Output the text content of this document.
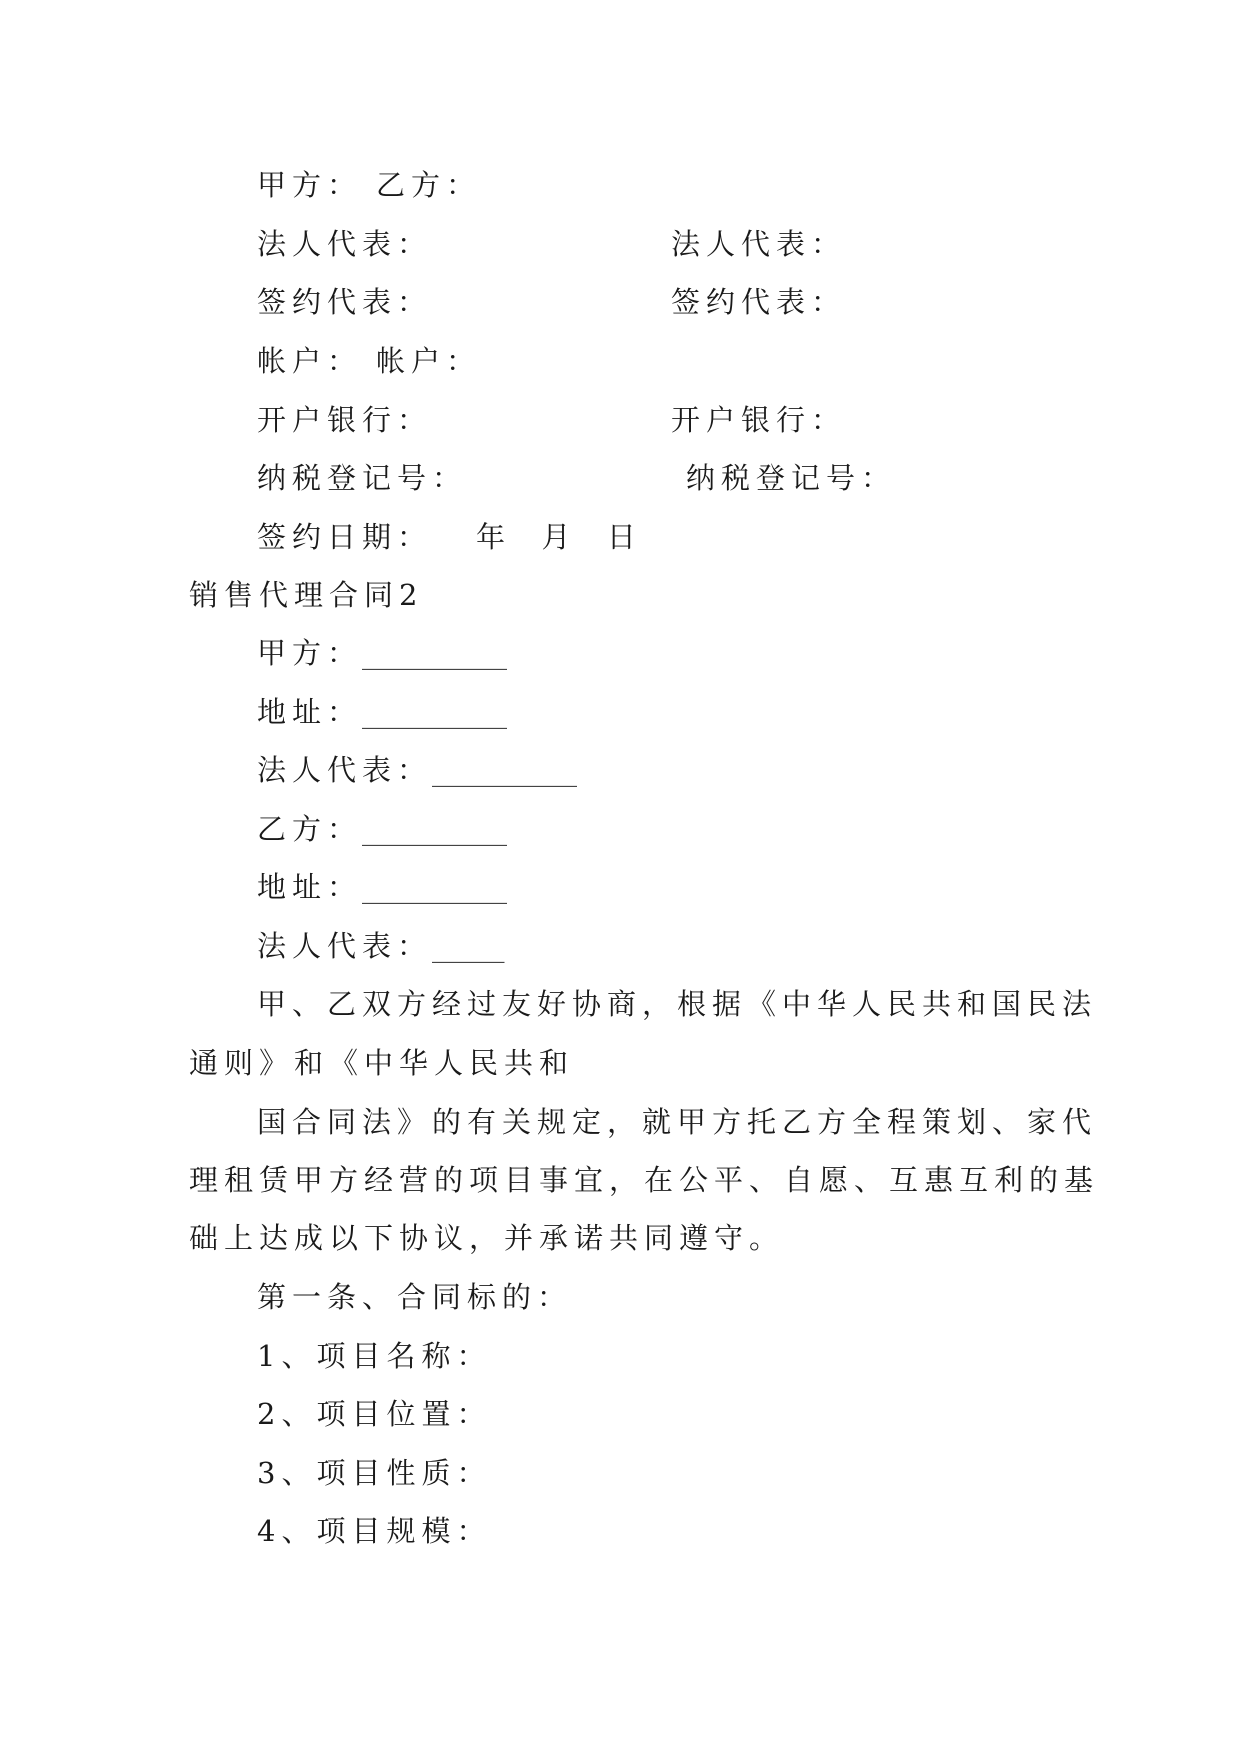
甲方： 乙方：
法人代表：	法人代表：
签约代表：	签约代表：
帐户： 帐户：
开户银行：	开户银行：
纳税登记号：	纳税登记号：
签约日期： 年  月  日
销售代理合同2
甲方：__________
地址：__________
法人代表：__________
乙方：__________
地址：__________
法人代表：_____
甲、乙双方经过友好协商，根据《中华人民共和国民法
通则》和《中华人民共和
国合同法》的有关规定，就甲方托乙方全程策划、家代
理租赁甲方经营的项目事宜，在公平、自愿、互惠互利的基
础上达成以下协议，并承诺共同遵守。
第一条、合同标的：
1、项目名称：
2、项目位置：
3、项目性质：
4、项目规模：
